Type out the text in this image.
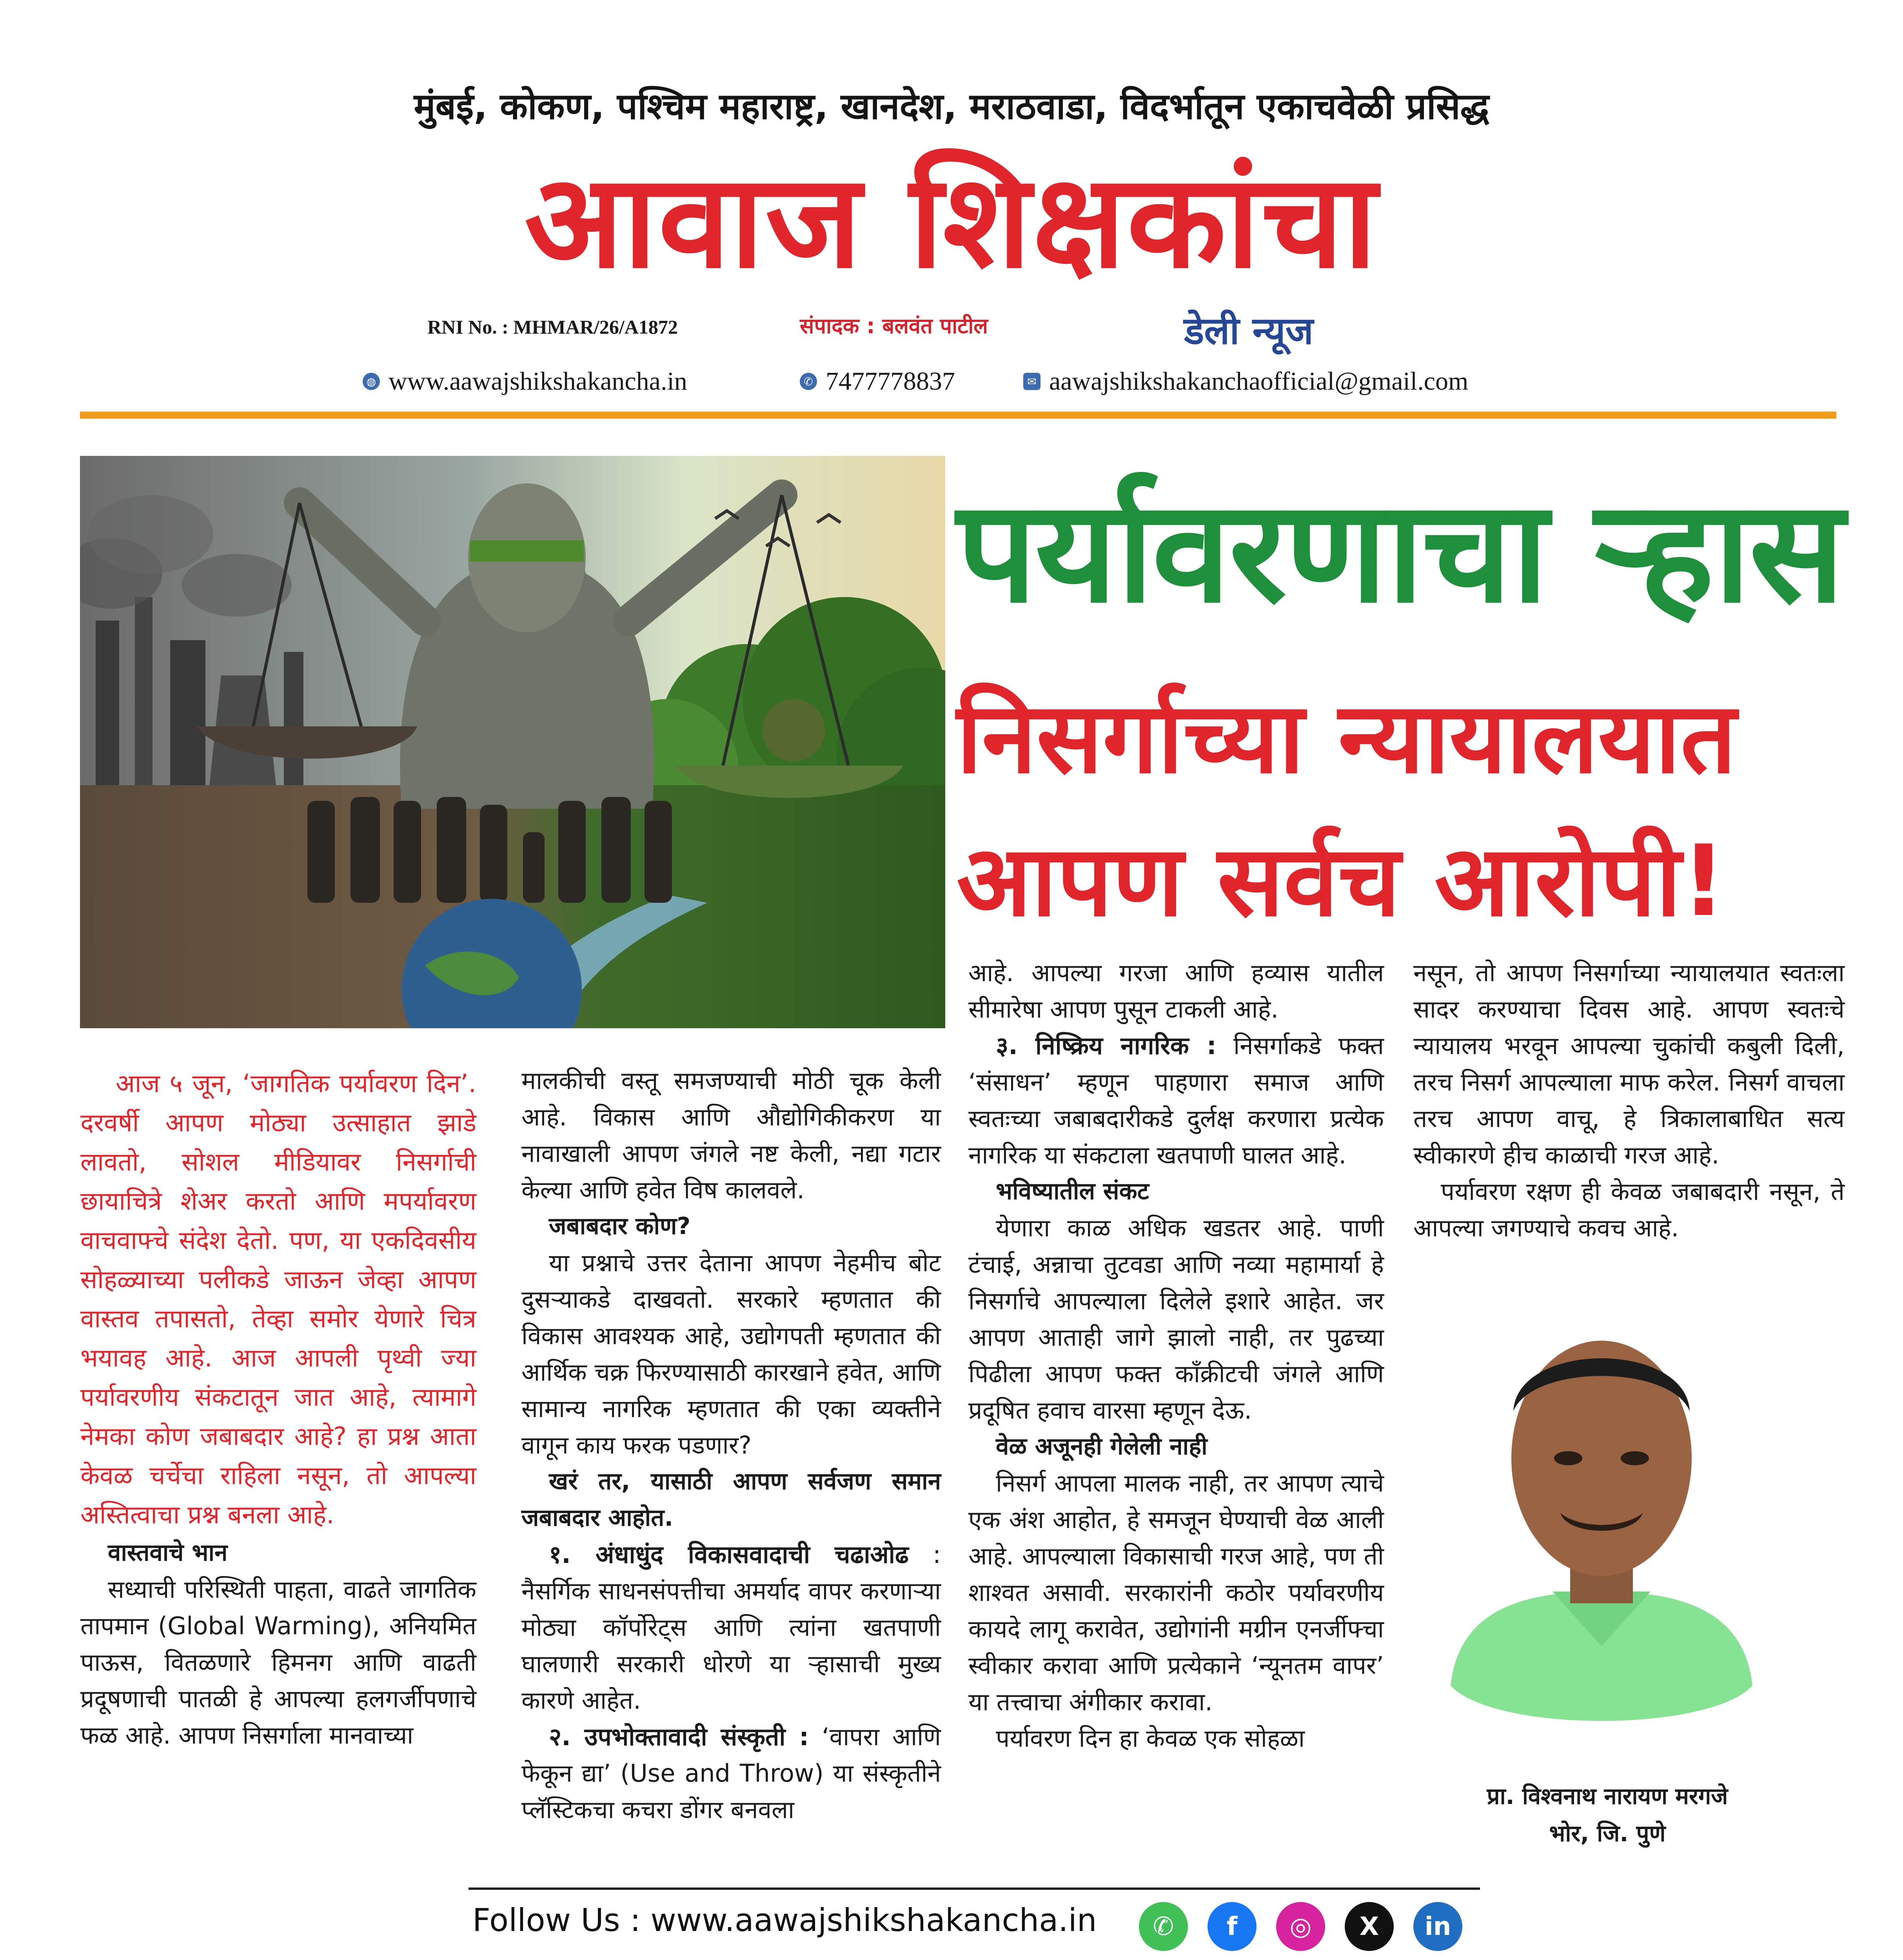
मुंबई, कोकण, पश्चिम महाराष्ट्र, खानदेश, मराठवाडा, विदर्भातून एकाचवेळी प्रसिद्ध
आवाज शिक्षकांचा
RNI No. : MHMAR/26/A1872	संपादक : बलवंत पाटील	डेली न्यूज
◍ www.aawajshikshakancha.in	✆ 7477778837	✉ aawajshikshakanchaofficial@gmail.com
पर्यावरणाचा ऱ्हास
निसर्गाच्या न्यायालयात
आपण सर्वच आरोपी!

आज ५ जून, ‘जागतिक पर्यावरण दिन’. दरवर्षी आपण मोठ्या उत्साहात झाडे लावतो, सोशल मीडियावर निसर्गाची छायाचित्रे शेअर करतो आणि मपर्यावरण वाचवाफ्चे संदेश देतो. पण, या एकदिवसीय सोहळ्याच्या पलीकडे जाऊन जेव्हा आपण वास्तव तपासतो, तेव्हा समोर येणारे चित्र भयावह आहे. आज आपली पृथ्वी ज्या पर्यावरणीय संकटातून जात आहे, त्यामागे नेमका कोण जबाबदार आहे? हा प्रश्न आता केवळ चर्चेचा राहिला नसून, तो आपल्या अस्तित्वाचा प्रश्न बनला आहे.

वास्तवाचे भान

सध्याची परिस्थिती पाहता, वाढते जागतिक तापमान (Global Warming), अनियमित पाऊस, वितळणारे हिमनग आणि वाढती प्रदूषणाची पातळी हे आपल्या हलगर्जीपणाचे फळ आहे. आपण निसर्गाला मानवाच्या

मालकीची वस्तू समजण्याची मोठी चूक केली आहे. विकास आणि औद्योगिकीकरण या नावाखाली आपण जंगले नष्ट केली, नद्या गटार केल्या आणि हवेत विष कालवले.

जबाबदार कोण?

या प्रश्नाचे उत्तर देताना आपण नेहमीच बोट दुसऱ्याकडे दाखवतो. सरकारे म्हणतात की विकास आवश्यक आहे, उद्योगपती म्हणतात की आर्थिक चक्र फिरण्यासाठी कारखाने हवेत, आणि सामान्य नागरिक म्हणतात की एका व्यक्तीने वागून काय फरक पडणार?

खरं तर, यासाठी आपण सर्वजण समान जबाबदार आहोत.

१. अंधाधुंद विकासवादाची चढाओढ : नैसर्गिक साधनसंपत्तीचा अमर्याद वापर करणाऱ्या मोठ्या कॉर्पोरेट्स आणि त्यांना खतपाणी घालणारी सरकारी धोरणे या ऱ्हासाची मुख्य कारणे आहेत.

२. उपभोक्तावादी संस्कृती : ‘वापरा आणि फेकून द्या’ (Use and Throw) या संस्कृतीने प्लॅस्टिकचा कचरा डोंगर बनवला

आहे. आपल्या गरजा आणि हव्यास यातील सीमारेषा आपण पुसून टाकली आहे.

३. निष्क्रिय नागरिक : निसर्गाकडे फक्त ‘संसाधन’ म्हणून पाहणारा समाज आणि स्वतःच्या जबाबदारीकडे दुर्लक्ष करणारा प्रत्येक नागरिक या संकटाला खतपाणी घालत आहे.

भविष्यातील संकट

येणारा काळ अधिक खडतर आहे. पाणी टंचाई, अन्नाचा तुटवडा आणि नव्या महामार्या हे निसर्गाचे आपल्याला दिलेले इशारे आहेत. जर आपण आताही जागे झालो नाही, तर पुढच्या पिढीला आपण फक्त काँक्रीटची जंगले आणि प्रदूषित हवाच वारसा म्हणून देऊ.

वेळ अजूनही गेलेली नाही

निसर्ग आपला मालक नाही, तर आपण त्याचे एक अंश आहोत, हे समजून घेण्याची वेळ आली आहे. आपल्याला विकासाची गरज आहे, पण ती शाश्वत असावी. सरकारांनी कठोर पर्यावरणीय कायदे लागू करावेत, उद्योगांनी मग्रीन एनर्जीफ्चा स्वीकार करावा आणि प्रत्येकाने ‘न्यूनतम वापर’ या तत्त्वाचा अंगीकार करावा.

पर्यावरण दिन हा केवळ एक सोहळा

नसून, तो आपण निसर्गाच्या न्यायालयात स्वतःला सादर करण्याचा दिवस आहे. आपण स्वतःचे न्यायालय भरवून आपल्या चुकांची कबुली दिली, तरच निसर्ग आपल्याला माफ करेल. निसर्ग वाचला तरच आपण वाचू, हे त्रिकालाबाधित सत्य स्वीकारणे हीच काळाची गरज आहे.

पर्यावरण रक्षण ही केवळ जबाबदारी नसून, ते आपल्या जगण्याचे कवच आहे.

प्रा. विश्वनाथ नारायण मरगजे
भोर, जि. पुणे
Follow Us : www.aawajshikshakancha.in	✆	f	◎	X	in
